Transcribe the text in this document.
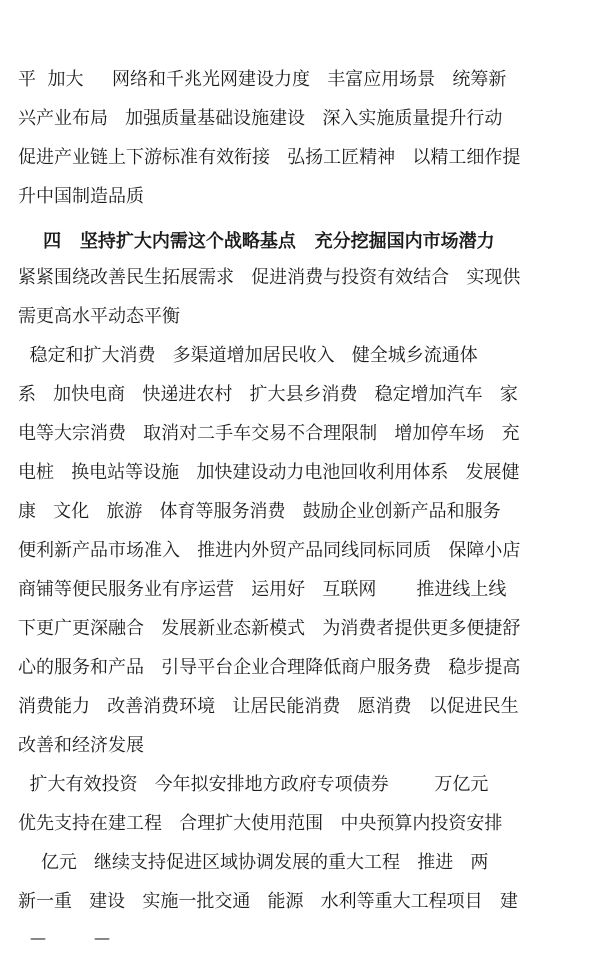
平  加大     网络和千兆光网建设力度   丰富应用场景   统筹新
兴产业布局   加强质量基础设施建设   深入实施质量提升行动
促进产业链上下游标准有效衔接   弘扬工匠精神   以精工细作提
升中国制造品质
四   坚持扩大内需这个战略基点   充分挖掘国内市场潜力
紧紧围绕改善民生拓展需求   促进消费与投资有效结合   实现供
需更高水平动态平衡
稳定和扩大消费   多渠道增加居民收入   健全城乡流通体
系   加快电商   快递进农村   扩大县乡消费   稳定增加汽车   家
电等大宗消费   取消对二手车交易不合理限制   增加停车场   充
电桩   换电站等设施   加快建设动力电池回收利用体系   发展健
康   文化   旅游   体育等服务消费   鼓励企业创新产品和服务
便利新产品市场准入   推进内外贸产品同线同标同质   保障小店
商铺等便民服务业有序运营   运用好   互联网       推进线上线
下更广更深融合   发展新业态新模式   为消费者提供更多便捷舒
心的服务和产品   引导平台企业合理降低商户服务费   稳步提高
消费能力   改善消费环境   让居民能消费   愿消费   以促进民生
改善和经济发展
扩大有效投资   今年拟安排地方政府专项债券        万亿元
优先支持在建工程   合理扩大使用范围   中央预算内投资安排
亿元   继续支持促进区域协调发展的重大工程   推进   两
新一重   建设   实施一批交通   能源   水利等重大工程项目   建
—	—
